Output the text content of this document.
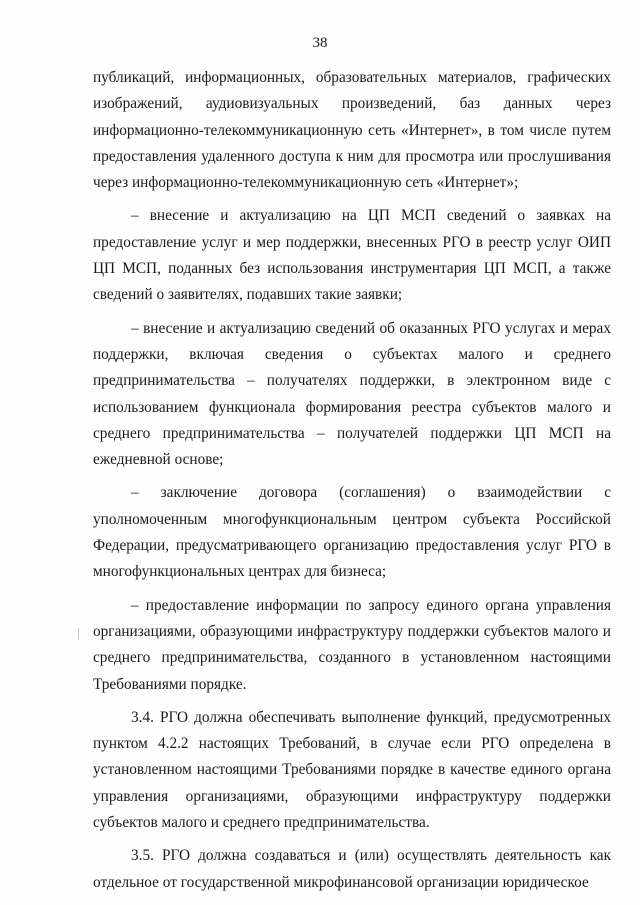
38

публикаций, информационных, образовательных материалов, графических изображений, аудиовизуальных произведений, баз данных через информационно-телекоммуникационную сеть «Интернет», в том числе путем предоставления удаленного доступа к ним для просмотра или прослушивания через информационно-телекоммуникационную сеть «Интернет»;

– внесение и актуализацию на ЦП МСП сведений о заявках на предоставление услуг и мер поддержки, внесенных РГО в реестр услуг ОИП ЦП МСП, поданных без использования инструментария ЦП МСП, а также сведений о заявителях, подавших такие заявки;

– внесение и актуализацию сведений об оказанных РГО услугах и мерах поддержки, включая сведения о субъектах малого и среднего предпринимательства – получателях поддержки, в электронном виде с использованием функционала формирования реестра субъектов малого и среднего предпринимательства – получателей поддержки ЦП МСП на ежедневной основе;

– заключение договора (соглашения) о взаимодействии с уполномоченным многофункциональным центром субъекта Российской Федерации, предусматривающего организацию предоставления услуг РГО в многофункциональных центрах для бизнеса;

– предоставление информации по запросу единого органа управления организациями, образующими инфраструктуру поддержки субъектов малого и среднего предпринимательства, созданного в установленном настоящими Требованиями порядке.

3.4. РГО должна обеспечивать выполнение функций, предусмотренных пунктом 4.2.2 настоящих Требований, в случае если РГО определена в установленном настоящими Требованиями порядке в качестве единого органа управления организациями, образующими инфраструктуру поддержки субъектов малого и среднего предпринимательства.

3.5. РГО должна создаваться и (или) осуществлять деятельность как отдельное от государственной микрофинансовой организации юридическое
